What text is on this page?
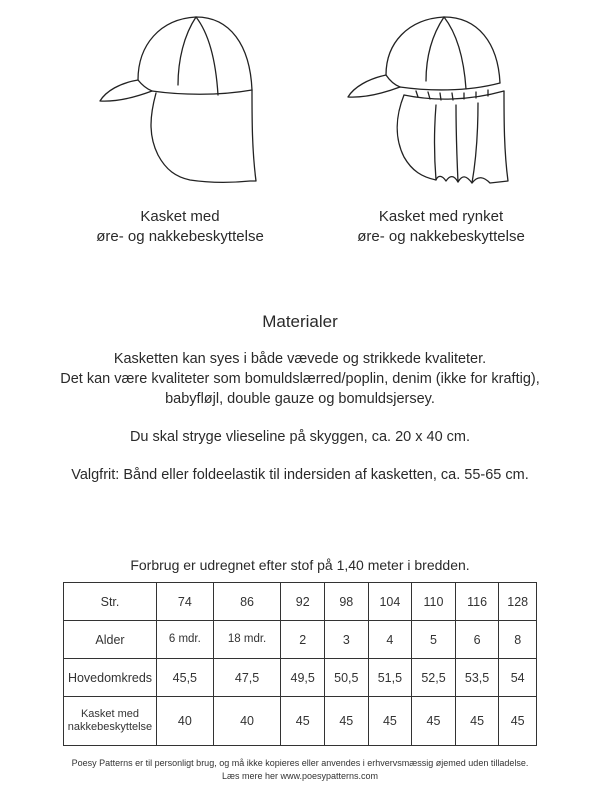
Kasket med
øre- og nakkebeskyttelse
Kasket med rynket
øre- og nakkebeskyttelse
Materialer
Kasketten kan syes i både vævede og strikkede kvaliteter.
Det kan være kvaliteter som bomuldslærred/poplin, denim (ikke for kraftig),
babyfløjl, double gauze og bomuldsjersey.
Du skal stryge vlieseline på skyggen, ca. 20 x 40 cm.
Valgfrit: Bånd eller foldeelastik til indersiden af kasketten, ca. 55-65 cm.
Forbrug er udregnet efter stof på 1,40 meter i bredden.
Str.	74	86	92	98	104	110	116	128
Alder	6 mdr.	18 mdr.	2	3	4	5	6	8
Hovedomkreds	45,5	47,5	49,5	50,5	51,5	52,5	53,5	54
Kasket med nakkebeskyttelse	40	40	45	45	45	45	45	45
Poesy Patterns er til personligt brug, og må ikke kopieres eller anvendes i erhvervsmæssig øjemed uden tilladelse.
Læs mere her www.poesypatterns.com
